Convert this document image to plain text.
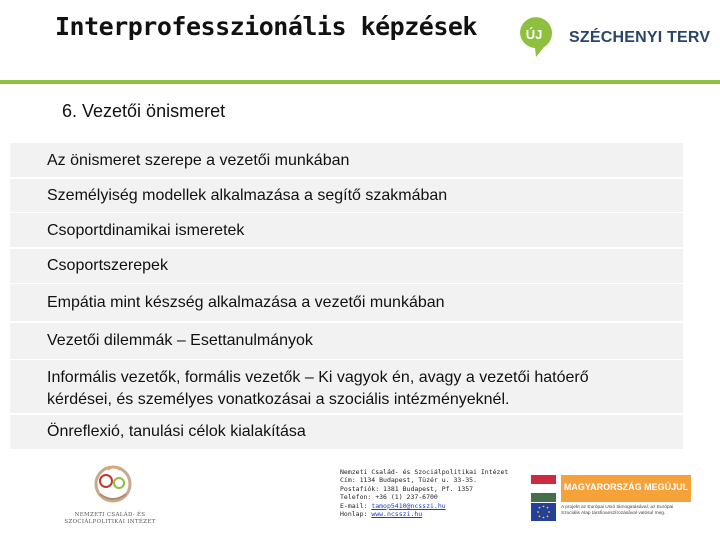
Interprofesszionális képzések	ÚJ SZÉCHENYI TERV
6. Vezetői önismeret
Az önismeret szerepe a vezetői munkában
Személyiség modellek alkalmazása a segítő szakmában
Csoportdinamikai ismeretek
Csoportszerepek
Empátia mint készség alkalmazása a vezetői munkában
Vezetői dilemmák – Esettanulmányok
Informális vezetők, formális vezetők – Ki vagyok én, avagy a vezetői hatóerő
kérdései, és személyes vonatkozásai a szociális intézményeknél.
Önreflexió, tanulási célok kialakítása
NEMZETI CSALÁD- ÉS
SZOCIÁLPOLITIKAI INTÉZET
Nemzeti Család- és Szociálpolitikai Intézet
Cím: 1134 Budapest, Tüzér u. 33-35.
Postafiók: 1381 Budapest, Pf. 1357
Telefon: +36 (1) 237-6700
E-mail: tamop5410@ncsszi.hu
Honlap: www.ncsszi.hu
MAGYARORSZÁG MEGÚJUL
A projekt az Európai Unió támogatásával, az Európai
Szociális Alap társfinanszírozásával valósul meg.
